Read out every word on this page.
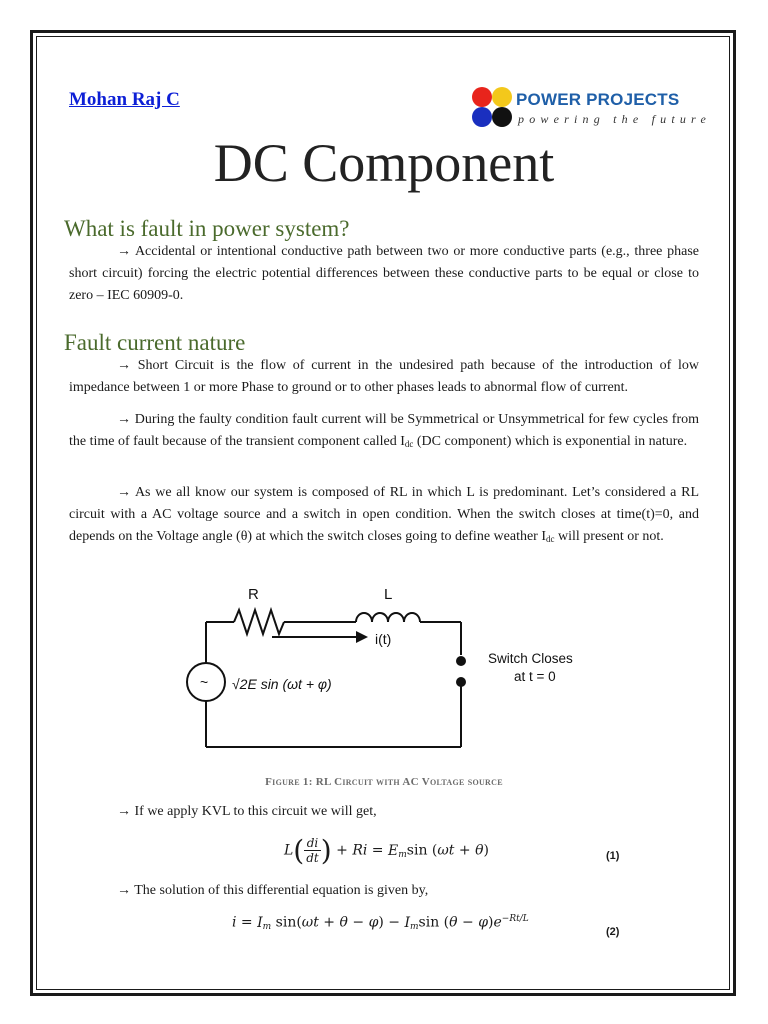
Mohan Raj C	POWER PROJECTS
powering the future
DC Component
What is fault in power system?

→ Accidental or intentional conductive path between two or more conductive parts (e.g., three phase short circuit) forcing the electric potential differences between these conductive parts to be equal or close to zero – IEC 60909-0.

Fault current nature

→ Short Circuit is the flow of current in the undesired path because of the introduction of low impedance between 1 or more Phase to ground or to other phases leads to abnormal flow of current.

→ During the faulty condition fault current will be Symmetrical or Unsymmetrical for few cycles from the time of fault because of the transient component called $I_{dc}$ (DC component) which is exponential in nature.

→ As we all know our system is composed of RL in which L is predominant. Let’s considered a RL circuit with a AC voltage source and a switch in open condition. When the switch closes at time(t)=0, and depends on the Voltage angle (θ) at which the switch closes going to define weather $I_{dc}$ will present or not.

R	L
i(t)
~ √2E sin (ωt + φ)
Switch Closes
at t = 0
Figure 1: RL Circuit with AC Voltage source

→ If we apply KVL to this circuit we will get,

$L( \frac{di}{dt}$ ) + $Ri = E_m\sin$ (ωt + θ)	(1)

→ The solution of this differential equation is given by,

$i = I_m$ $\sin(\omega t + \theta - \varphi) - I_m\sin$ $(\theta - \varphi)e^{-Rt/L}$
(2)
